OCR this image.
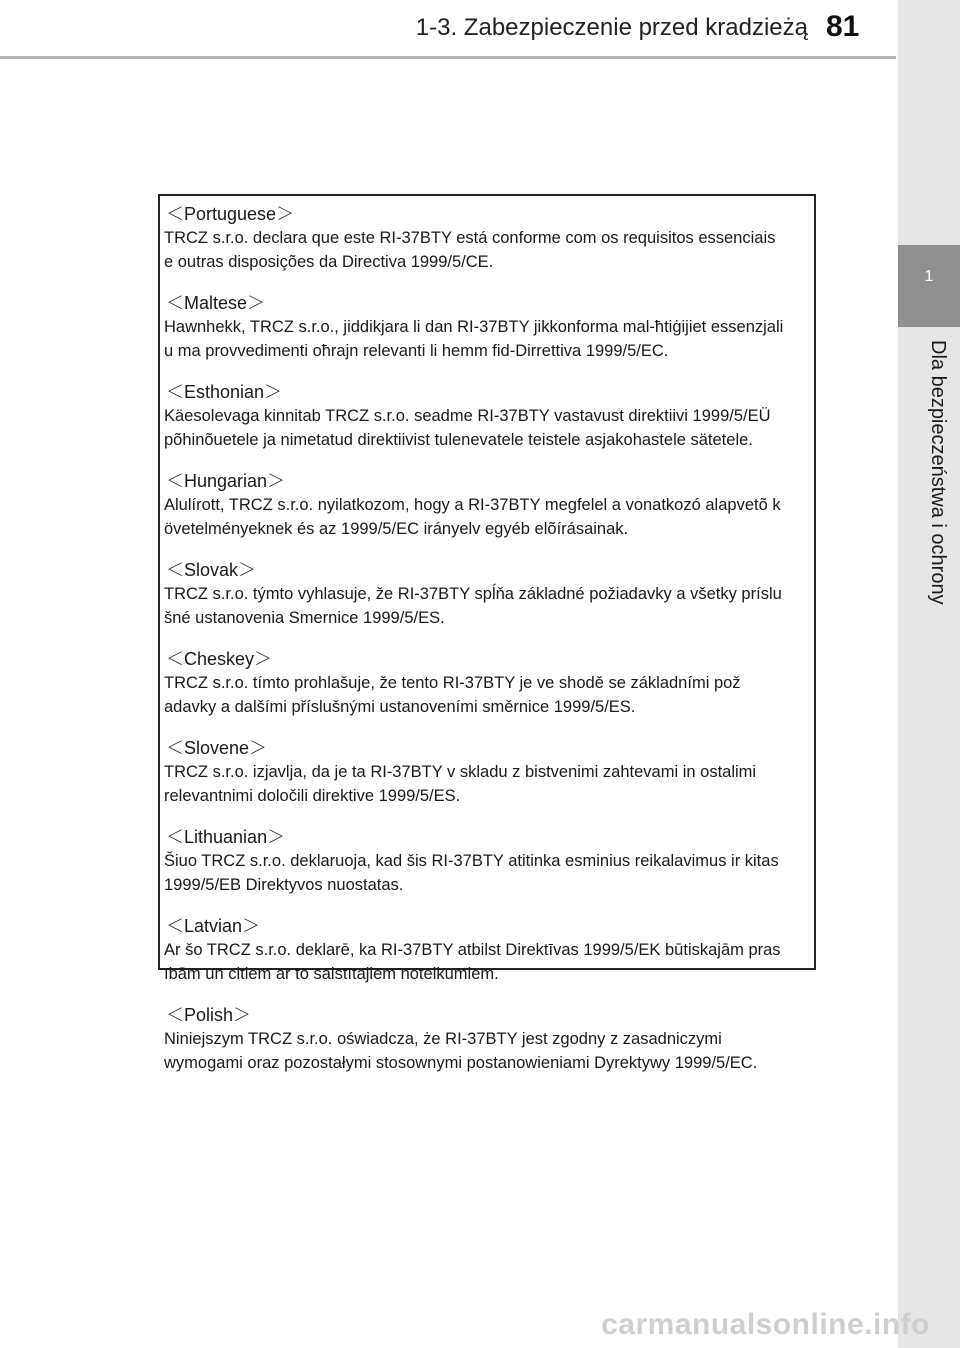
1-3. Zabezpieczenie przed kradzieżą 81
1
Dla bezpieczeństwa i ochrony
＜Portuguese＞
TRCZ s.r.o. declara que este RI-37BTY está conforme com os requisitos essenciais
e outras disposições da Directiva 1999/5/CE.
＜Maltese＞
Hawnhekk, TRCZ s.r.o., jiddikjara li dan RI-37BTY jikkonforma mal-ħtiġijiet essenzjali
u ma provvedimenti oħrajn relevanti li hemm fid-Dirrettiva 1999/5/EC.
＜Esthonian＞
Käesolevaga kinnitab TRCZ s.r.o. seadme RI-37BTY vastavust direktiivi 1999/5/EÜ
põhinõuetele ja nimetatud direktiivist tulenevatele teistele asjakohastele sätetele.
＜Hungarian＞
Alulírott, TRCZ s.r.o. nyilatkozom, hogy a RI-37BTY megfelel a vonatkozó alapvetõ k
övetelményeknek és az 1999/5/EC irányelv egyéb elõírásainak.
＜Slovak＞
TRCZ s.r.o. týmto vyhlasuje, že RI-37BTY spĺňa základné požiadavky a všetky príslu
šné ustanovenia Smernice 1999/5/ES.
＜Cheskey＞
TRCZ s.r.o. tímto prohlašuje, že tento RI-37BTY je ve shodě se základními pož
adavky a dalšími příslušnými ustanoveními směrnice 1999/5/ES.
＜Slovene＞
TRCZ s.r.o. izjavlja, da je ta RI-37BTY v skladu z bistvenimi zahtevami in ostalimi
relevantnimi določili direktive 1999/5/ES.
＜Lithuanian＞
Šiuo TRCZ s.r.o. deklaruoja, kad šis RI-37BTY atitinka esminius reikalavimus ir kitas
1999/5/EB Direktyvos nuostatas.
＜Latvian＞
Ar šo TRCZ s.r.o. deklarē, ka RI-37BTY atbilst Direktīvas 1999/5/EK būtiskajām pras
ībām un citiem ar to saistītajiem noteikumiem.
＜Polish＞
Niniejszym TRCZ s.r.o. oświadcza, że RI-37BTY jest zgodny z zasadniczymi
wymogami oraz pozostałymi stosownymi postanowieniami Dyrektywy 1999/5/EC.
carmanualsonline.info
